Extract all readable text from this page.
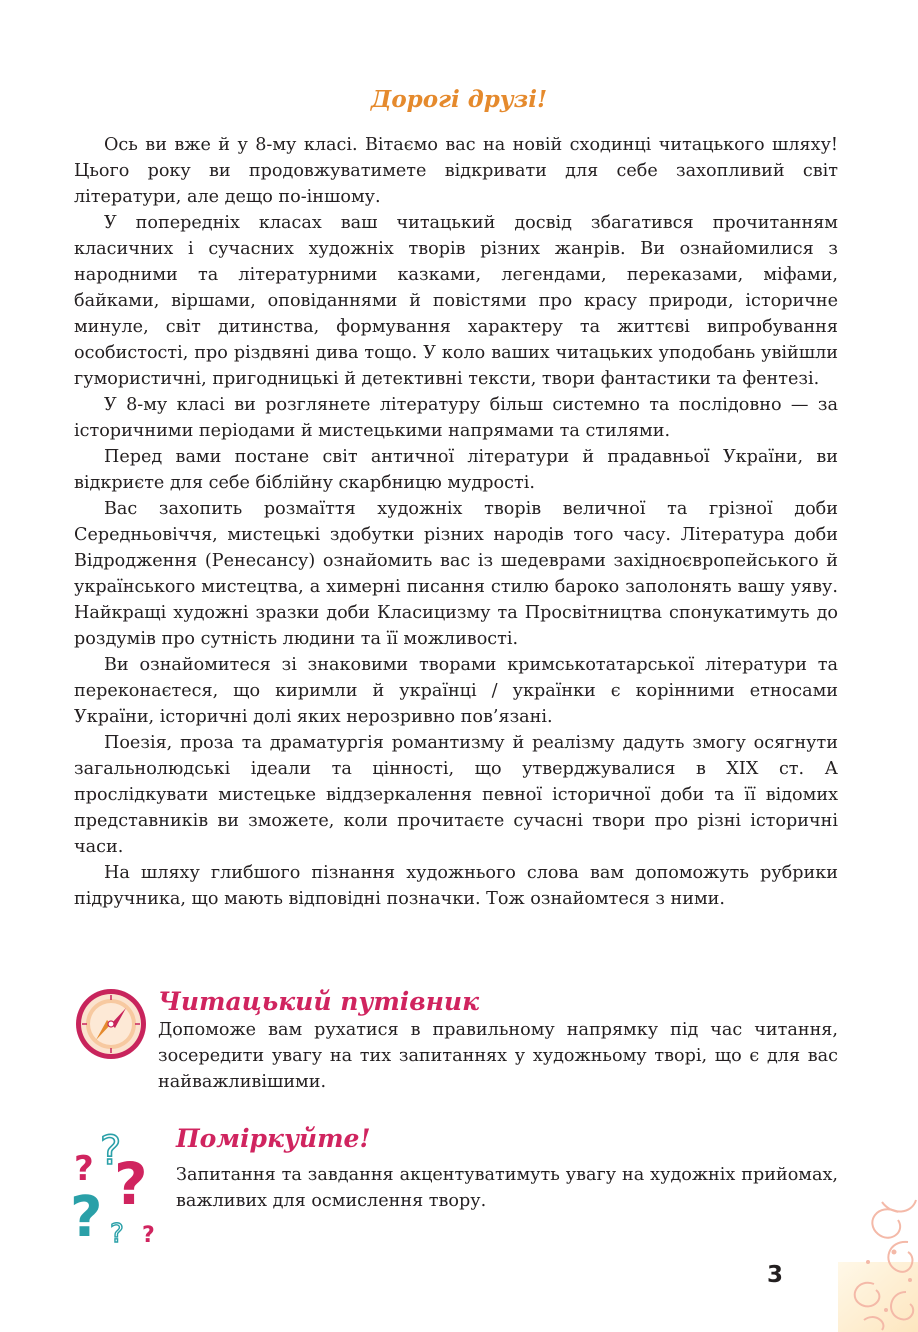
Дорогі друзі!

Ось ви вже й у 8-му класі. Вітаємо вас на новій сходинці читацького шляху! Цього року ви продовжуватимете відкривати для себе захопливий світ літератури, але дещо по-іншому.

У попередніх класах ваш читацький досвід збагатився прочитанням класичних і сучасних художніх творів різних жанрів. Ви ознайомилися з народними та літературними казками, легендами, переказами, міфами, байками, віршами, оповіданнями й повістями про красу природи, історичне минуле, світ дитинства, формування характеру та життєві випробування особистості, про різдвяні дива тощо. У коло ваших читацьких уподобань увійшли гумористичні, пригодницькі й детективні тексти, твори фантастики та фентезі.

У 8-му класі ви розглянете літературу більш системно та послідовно — за історичними періодами й мистецькими напрямами та стилями.

Перед вами постане світ античної літератури й прадавньої України, ви відкриєте для себе біблійну скарбницю мудрості.

Вас захопить розмаїття художніх творів величної та грізної доби Середньовіччя, мистецькі здобутки різних народів того часу. Література доби Відродження (Ренесансу) ознайомить вас із шедеврами західноєвропейського й українського мистецтва, а химерні писання стилю бароко заполонять вашу уяву. Найкращі художні зразки доби Класицизму та Просвітництва спонукатимуть до роздумів про сутність людини та її можливості.

Ви ознайомитеся зі знаковими творами кримськотатарської літератури та переконаєтеся, що киримли й українці / українки є корінними етносами України, історичні долі яких нерозривно пов’язані.

Поезія, проза та драматургія романтизму й реалізму дадуть змогу осягнути загальнолюдські ідеали та цінності, що утверджувалися в XIX ст. А прослідкувати мистецьке віддзеркалення певної історичної доби та її відомих представників ви зможете, коли прочитаєте сучасні твори про різні історичні часи.

На шляху глибшого пізнання художнього слова вам допоможуть рубрики підручника, що мають відповідні позначки. Тож ознайомтеся з ними.

Читацький путівник
Допоможе вам рухатися в правильному напрямку під час читання, зосередити увагу на тих запитаннях у художньому творі, що є для вас найважливішими.
? ?
?
? ? ?
Поміркуйте!
Запитання та завдання акцентуватимуть увагу на художніх прийомах, важливих для осмислення твору.
3
